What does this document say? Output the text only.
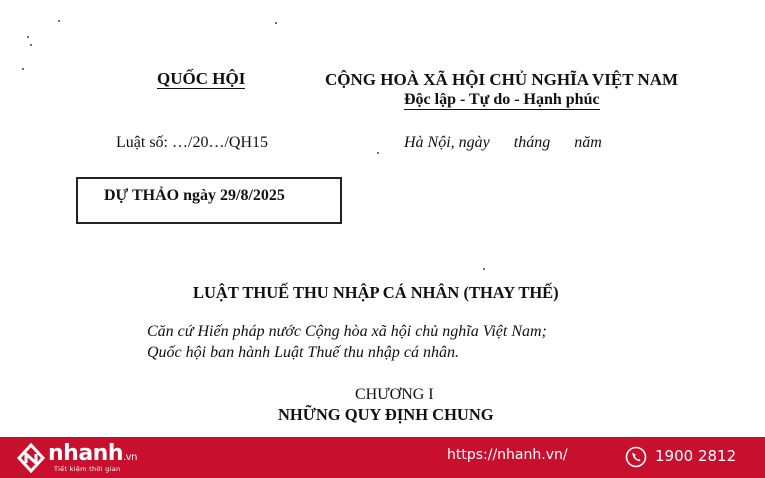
QUỐC HỘI	CỘNG HOÀ XÃ HỘI CHỦ NGHĨA VIỆT NAM
Độc lập - Tự do - Hạnh phúc
Luật số: …/20…/QH15	Hà Nội, ngày      tháng      năm
DỰ THẢO ngày 29/8/2025
LUẬT THUẾ THU NHẬP CÁ NHÂN (THAY THẾ)
Căn cứ Hiến pháp nước Cộng hòa xã hội chủ nghĩa Việt Nam;
Quốc hội ban hành Luật Thuế thu nhập cá nhân.
CHƯƠNG I
NHỮNG QUY ĐỊNH CHUNG
nhanh.vn
Tiết kiệm thời gian
https://nhanh.vn/	1900 2812
